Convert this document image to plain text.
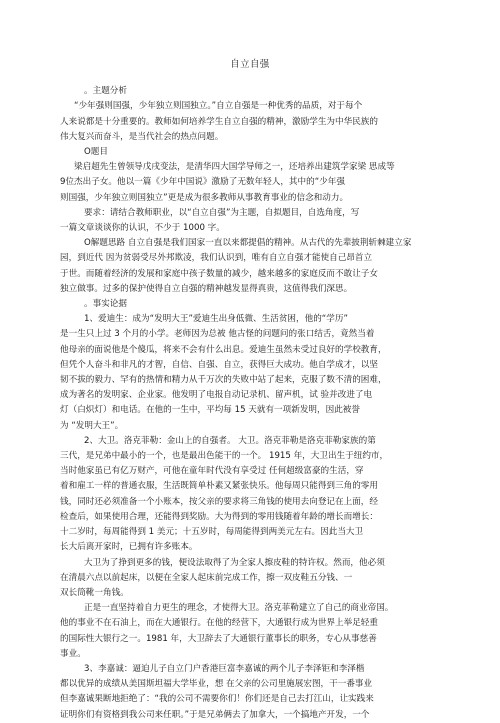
自立自强

。主题分析

“少年强则国强，少年独立则国独立。”自立自强是一种优秀的品质，对于每个

人来说都是十分重要的。教师如何培养学生自立自强的精神，激励学生为中华民族的

伟大复兴而奋斗，是当代社会的热点问题。

O题目

梁启超先生曾领导戊戌变法，是清华四大国学导师之一，还培养出建筑学家梁 思成等

9位杰出子女。他以一篇《少年中国说》激励了无数年轻人，其中的“少年强

则国强，少年独立则国独立”更是成为很多教师从事教育事业的信念和动力。

要求：请结合教师职业，以“自立自强”为主题，自拟题目，自选角度，写

一篇文章谈谈你的认识，不少于 1000 字。

O解题思路 自立自强是我们国家一直以来都提倡的精神。从古代的先辈披荆斩棘建立家

园，到近代 因为贫弱受尽外邦欺凌，我们认识到，唯有自立自强才能使自己昂首立

于世。而随着经济的发展和家庭中孩子数量的减少，越来越多的家庭反而不敢让子女

独立做事。过多的保护使得自立自强的精神越发显得真贵，这值得我们深思。

。事实论据

1、爱迪生：成为“发明大王”爱迪生出身低微、生活贫困，他的“学历”

是一生只上过 3 个月的小学。老师因为总被 他古怪的问题问的张口结舌，竟然当着

他母亲的面说他是个傻瓜，将来不会有什么出息。爱迪生虽然未受过良好的学校教育，

但凭个人奋斗和非凡的才智，自信、自强、自立，获得巨大成功。他自学成才，以坚

韧不拔的毅力、罕有的热情和精力从千万次的失败中站了起来，克服了数不清的困难，

成为著名的发明家、企业家。他发明了电报自动记录机、留声机，试 验并改进了电

灯（白炽灯）和电话。在他的一生中，平均每 15 天就有一项新发明，因此被誉

为 “发明大王”。

2、大卫。洛克菲勒：金山上的自强者。 大卫。洛克菲勒是洛克菲勒家族的第

三代，是兄弟中最小的一个，也是最出色能干的一个。 1915 年，大卫出生于纽约市，

当时他家虽已有亿万财产，可他在童年时代没有享受过 任何超级富豪的生活，穿

着和雇工一样的普通衣服，生活既简单朴素又紧张快乐。他每周只能得到三角的零用

钱，同时还必须准备一个小账本，按父亲的要求将三角钱的使用去向登记在上面，经

检查后，如果使用合理，还能得到奖励。大为得到的零用钱随着年龄的增长而增长：

十二岁时，每周能得到 1 美元；十五岁时，每周能得到两美元左右。因此当大卫

长大后离开家时，已拥有许多账本。

大卫为了挣到更多的钱，便设法取得了为全家人擦皮鞋的特许权。然而，他必须

在清晨六点以前起床，以便在全家人起床前完成工作，擦一双皮鞋五分钱、一

双长筒靴一角钱。

正是一直坚持着自力更生的理念，才使得大卫。洛克菲勒建立了自己的商业帝国。

他的事业不在石油上，而在大通银行。在他的经营下，大通银行成为世界上举足轻重

的国际性大银行之一。1981 年，大卫辞去了大通银行董事长的职务，专心从事慈善

事业。

3、李嘉诚：逼迫儿子自立门户香港巨富李嘉诚的两个儿子李泽钜和李泽楷

都以优异的成绩从美国斯坦福大学毕业，想 在父亲的公司里施展宏图，干一番事业

但李嘉诚果断地拒绝了：“我的公司不需要你们！你们还是自己去打江山，让实践来

证明你们有资格到我公司来任职。”于是兄弟俩去了加拿大，一个搞地产开发，一个
